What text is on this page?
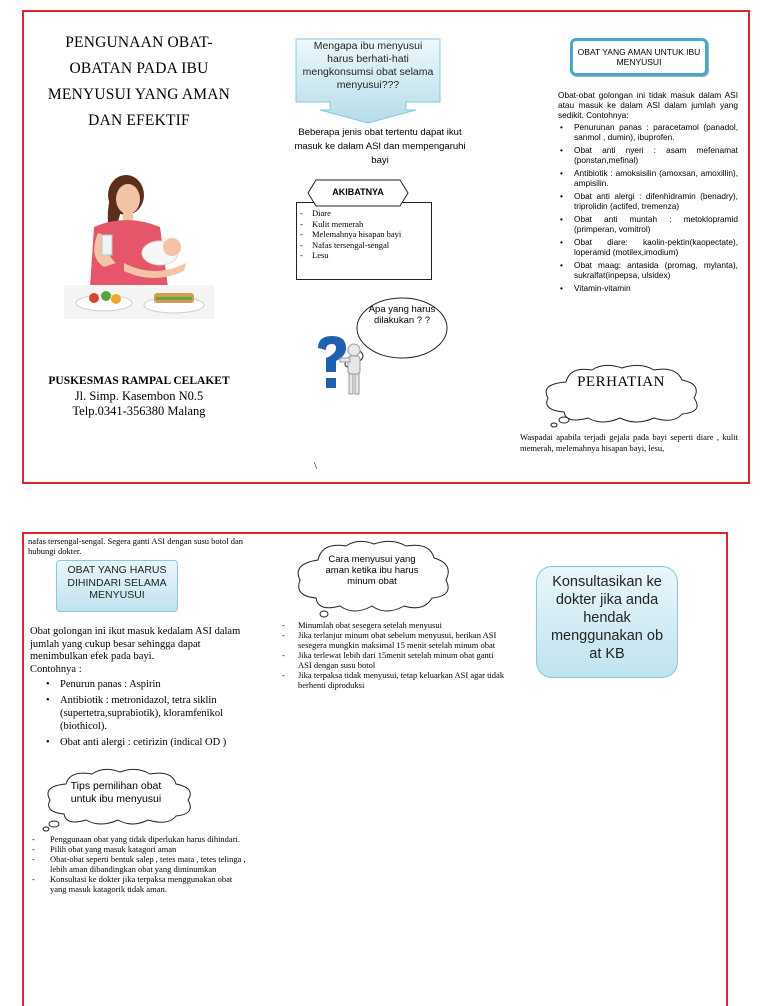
PENGUNAAN OBAT-
OBATAN PADA IBU
MENYUSUI YANG AMAN
DAN EFEKTIF
PUSKESMAS RAMPAL CELAKET
Jl. Simp. Kasembon N0.5
Telp.0341-356380 Malang
Mengapa ibu menyusui harus berhati-hati mengkonsumsi obat selama menyusui???
Beberapa jenis obat tertentu dapat ikut masuk ke dalam ASI dan mempengaruhi bayi
AKIBATNYA
- Diare
- Kulit memerah
- Melemahnya hisapan bayi
- Nafas tersengal-sengal
- Lesu
Apa yang harus dilakukan ? ?
\
OBAT YANG AMAN UNTUK IBU MENYUSUI
Obat-obat golongan ini tidak masuk dalam ASI atau masuk ke dalam ASI dalam jumlah yang sedikit. Contohnya:
• Penurunan panas : paracetamol (panadol, sanmol , dumin), ibuprofen.
• Obat anti nyeri : asam mefenamat (ponstan,mefinal)
• Antibiotik : amoksisilin (amoxsan, amoxillin), ampisilin.
• Obat anti alergi : difenhidramin (benadry), triprolidin (actifed, tremenza)
• Obat anti muntah : metoklopramid (primperan, vomitrol)
• Obat diare: kaolin-pektin(kaopectate), loperamid (motilex,imodium)
• Obat maag: antasida (promag, mylanta), sukralfat(inpepsa, ulsidex)
• Vitamin-vitamin
PERHATIAN
Waspadai apabila terjadi gejala pada bayi seperti diare , kulit memerah, melemahnya hisapan bayi, lesu,
nafas tersengal-sengal. Segera ganti ASI dengan susu botol dan hubungi dokter.
OBAT YANG HARUS DIHINDARI SELAMA MENYUSUI
Obat golongan ini ikut masuk kedalam ASI dalam jumlah yang cukup besar sehingga dapat menimbulkan efek pada bayi.
Contohnya :
• Penurun panas : Aspirin
• Antibiotik : metronidazol, tetra siklin (supertetra,suprabiotik), kloramfenikol (biothicol).
• Obat anti alergi : cetirizin (indical OD )
Tips pemilihan obat untuk ibu menyusui
- Penggunaan obat yang tidak diperlukan harus dihindari.
- Pilih obat yang masuk katagori aman
- Obat-obat seperti bentuk salep , tetes mata , tetes telinga , lebih aman dibandingkan obat yang diminumkan
- Konsultasi ke dokter jika terpaksa menggunakan obat yang masuk katagorik tidak aman.
Cara menyusui yang aman ketika ibu harus minum obat
- Minumlah obat sesegera setelah menyusui
- Jika terlanjur minum obat sebelum menyusui, berikan ASI sesegera mungkin maksimal 15 menit setelah minum obat
- Jika terlewat lebih dari 15menit setelah minum obat ganti ASI dengan susu botol
- Jika terpaksa tidak menyusui, tetap keluarkan ASI agar tidak berhenti diproduksi
Konsultasikan ke dokter jika anda hendak menggunakan ob at KB
